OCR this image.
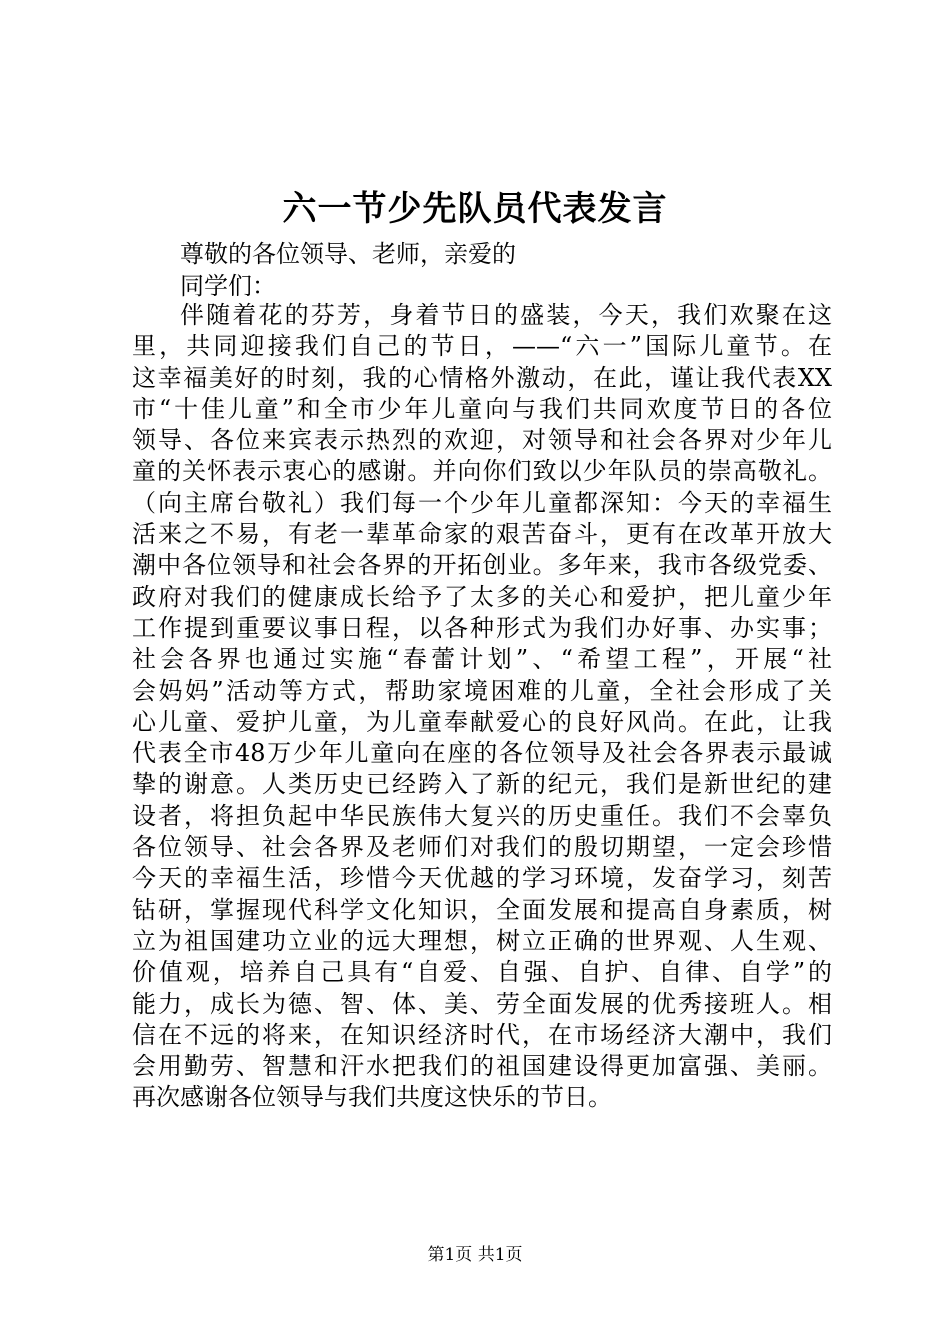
六一节少先队员代表发言
尊敬的各位领导、老师，亲爱的
同学们：
伴随着花的芬芳，身着节日的盛装，今天，我们欢聚在这
里，共同迎接我们自己的节日，——“六一”国际儿童节。在
这幸福美好的时刻，我的心情格外激动，在此，谨让我代表XX
市“十佳儿童”和全市少年儿童向与我们共同欢度节日的各位
领导、各位来宾表示热烈的欢迎，对领导和社会各界对少年儿
童的关怀表示衷心的感谢。并向你们致以少年队员的崇高敬礼。
（向主席台敬礼）我们每一个少年儿童都深知：今天的幸福生
活来之不易，有老一辈革命家的艰苦奋斗，更有在改革开放大
潮中各位领导和社会各界的开拓创业。多年来，我市各级党委、
政府对我们的健康成长给予了太多的关心和爱护，把儿童少年
工作提到重要议事日程，以各种形式为我们办好事、办实事；
社会各界也通过实施“春蕾计划”、“希望工程”，开展“社
会妈妈”活动等方式，帮助家境困难的儿童，全社会形成了关
心儿童、爱护儿童，为儿童奉献爱心的良好风尚。在此，让我
代表全市48万少年儿童向在座的各位领导及社会各界表示最诚
挚的谢意。人类历史已经跨入了新的纪元，我们是新世纪的建
设者，将担负起中华民族伟大复兴的历史重任。我们不会辜负
各位领导、社会各界及老师们对我们的殷切期望，一定会珍惜
今天的幸福生活，珍惜今天优越的学习环境，发奋学习，刻苦
钻研，掌握现代科学文化知识，全面发展和提高自身素质，树
立为祖国建功立业的远大理想，树立正确的世界观、人生观、
价值观，培养自己具有“自爱、自强、自护、自律、自学”的
能力，成长为德、智、体、美、劳全面发展的优秀接班人。相
信在不远的将来，在知识经济时代，在市场经济大潮中，我们
会用勤劳、智慧和汗水把我们的祖国建设得更加富强、美丽。
再次感谢各位领导与我们共度这快乐的节日。
第1页 共1页
